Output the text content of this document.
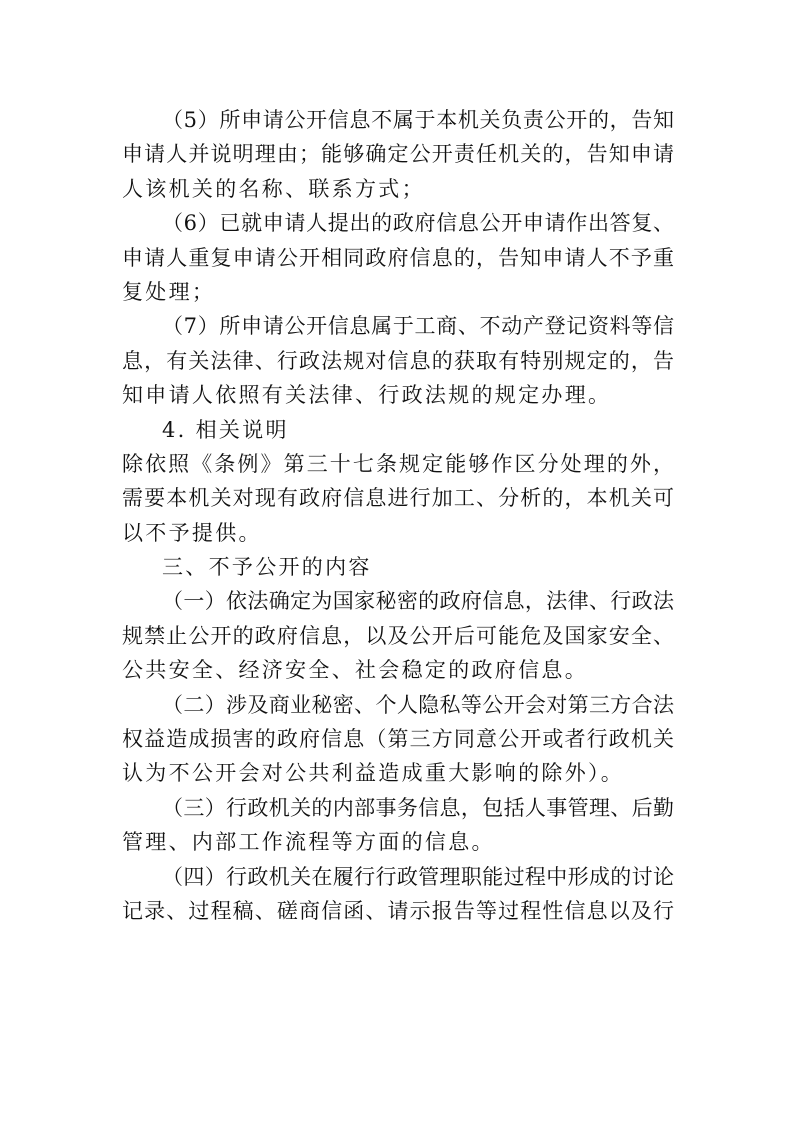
（5）所申请公开信息不属于本机关负责公开的，告知
申请人并说明理由；能够确定公开责任机关的，告知申请
人该机关的名称、联系方式；
（6）已就申请人提出的政府信息公开申请作出答复、
申请人重复申请公开相同政府信息的，告知申请人不予重
复处理；
（7）所申请公开信息属于工商、不动产登记资料等信
息，有关法律、行政法规对信息的获取有特别规定的，告
知申请人依照有关法律、行政法规的规定办理。
4. 相关说明
除依照《条例》第三十七条规定能够作区分处理的外，
需要本机关对现有政府信息进行加工、分析的，本机关可
以不予提供。
三、不予公开的内容
（一）依法确定为国家秘密的政府信息，法律、行政法
规禁止公开的政府信息，以及公开后可能危及国家安全、
公共安全、经济安全、社会稳定的政府信息。
（二）涉及商业秘密、个人隐私等公开会对第三方合法
权益造成损害的政府信息（第三方同意公开或者行政机关
认为不公开会对公共利益造成重大影响的除外）。
（三）行政机关的内部事务信息，包括人事管理、后勤
管理、内部工作流程等方面的信息。
（四）行政机关在履行行政管理职能过程中形成的讨论
记录、过程稿、磋商信函、请示报告等过程性信息以及行
